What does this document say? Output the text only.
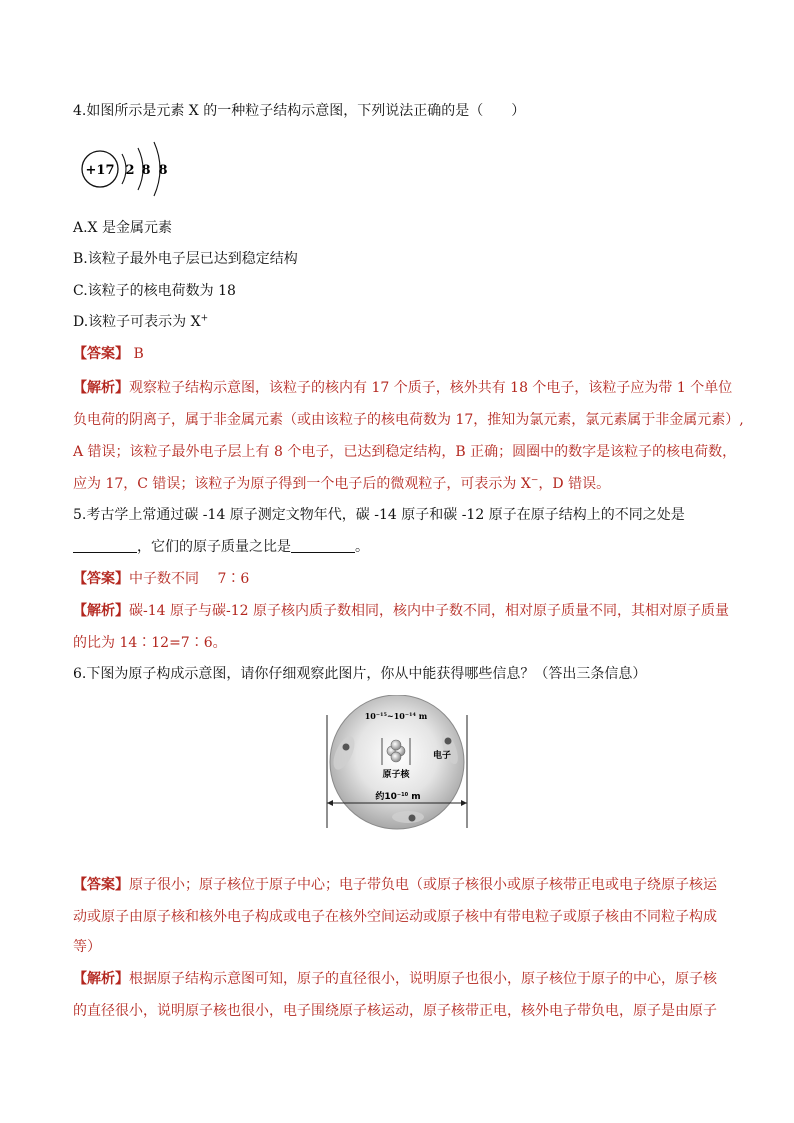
4.如图所示是元素 X 的一种粒子结构示意图，下列说法正确的是（　　）
+17 2 8 8
A.X 是金属元素
B.该粒子最外电子层已达到稳定结构
C.该粒子的核电荷数为 18
D.该粒子可表示为 X+
【答案】 B
【解析】观察粒子结构示意图，该粒子的核内有 17 个质子，核外共有 18 个电子，该粒子应为带 1 个单位
负电荷的阴离子，属于非金属元素（或由该粒子的核电荷数为 17，推知为氯元素，氯元素属于非金属元素）,
A 错误；该粒子最外电子层上有 8 个电子，已达到稳定结构，B 正确；圆圈中的数字是该粒子的核电荷数，
应为 17，C 错误；该粒子为原子得到一个电子后的微观粒子，可表示为 X−，D 错误。
5.考古学上常通过碳 -14 原子测定文物年代，碳 -14 原子和碳 -12 原子在原子结构上的不同之处是
，它们的原子质量之比是	。
【答案】中子数不同　 7∶6
【解析】碳-14 原子与碳-12 原子核内质子数相同，核内中子数不同，相对原子质量不同，其相对原子质量
的比为 14∶12=7∶6。
6.下图为原子构成示意图，请你仔细观察此图片，你从中能获得哪些信息？（答出三条信息）
$10^{-15}\sim 10^{-14}$ m
电子
原子核
约$10^{-10}$ m
【答案】原子很小；原子核位于原子中心；电子带负电（或原子核很小或原子核带正电或电子绕原子核运
动或原子由原子核和核外电子构成或电子在核外空间运动或原子核中有带电粒子或原子核由不同粒子构成
等）
【解析】根据原子结构示意图可知，原子的直径很小，说明原子也很小，原子核位于原子的中心，原子核
的直径很小，说明原子核也很小，电子围绕原子核运动，原子核带正电，核外电子带负电，原子是由原子
